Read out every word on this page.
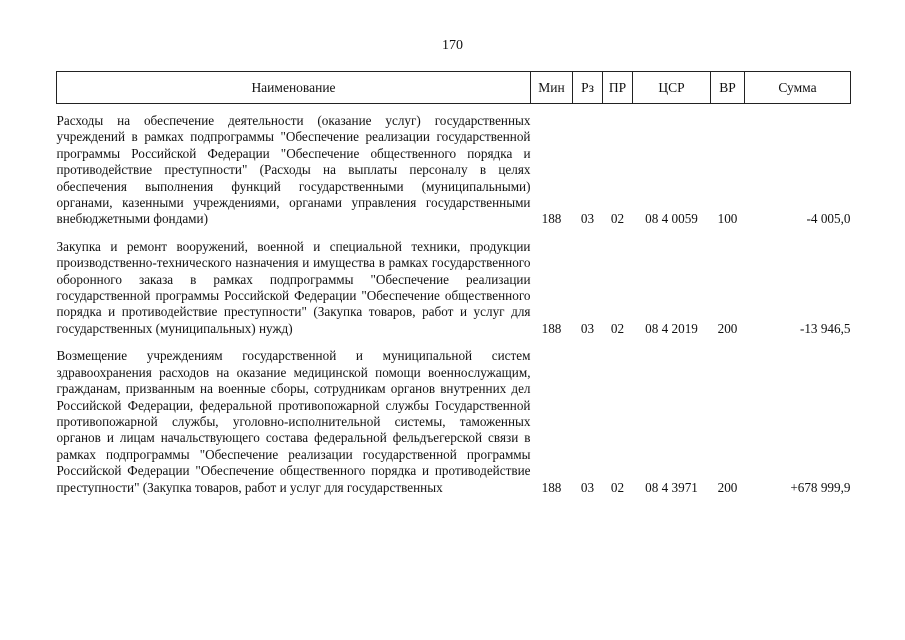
170
Наименование	Мин	Рз	ПР	ЦСР	ВР	Сумма
Расходы на обеспечение деятельности (оказание услуг) государственных учреждений в рамках подпрограммы "Обеспечение реализации государственной программы Российской Федерации "Обеспечение общественного порядка и противодействие преступности" (Расходы на выплаты персоналу в целях обеспечения выполнения функций государственными (муниципальными) органами, казенными учреждениями, органами управления государственными внебюджетными фондами)	188	03	02	08 4 0059	100	-4 005,0
Закупка и ремонт вооружений, военной и специальной техники, продукции производственно-технического назначения и имущества в рамках государственного оборонного заказа в рамках подпрограммы "Обеспечение реализации государственной программы Российской Федерации "Обеспечение общественного порядка и противодействие преступности" (Закупка товаров, работ и услуг для государственных (муниципальных) нужд)	188	03	02	08 4 2019	200	-13 946,5
Возмещение учреждениям государственной и муниципальной систем здравоохранения расходов на оказание медицинской помощи военнослужащим, гражданам, призванным на военные сборы, сотрудникам органов внутренних дел Российской Федерации, федеральной противопожарной службы Государственной противопожарной службы, уголовно-исполнительной системы, таможенных органов и лицам начальствующего состава федеральной фельдъегерской связи в рамках подпрограммы "Обеспечение реализации государственной программы Российской Федерации "Обеспечение общественного порядка и противодействие преступности" (Закупка товаров, работ и услуг для государственных	188	03	02	08 4 3971	200	+678 999,9
